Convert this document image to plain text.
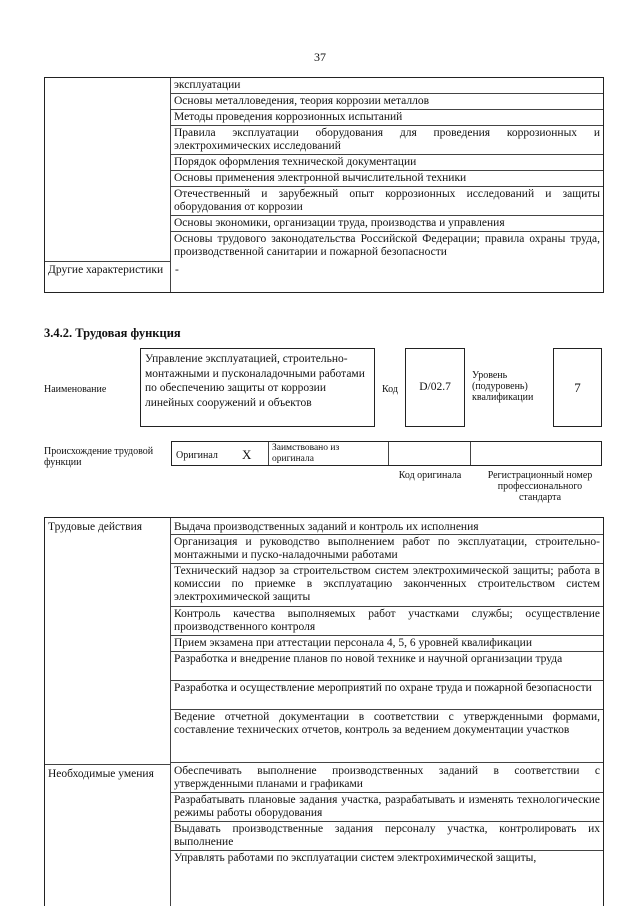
37
эксплуатации
Основы металловедения, теория коррозии металлов
Методы проведения коррозионных испытаний
Правила эксплуатации оборудования для проведения коррозионных и электрохимических исследований
Порядок оформления технической документации
Основы применения электронной вычислительной техники
Отечественный и зарубежный опыт коррозионных исследований и защиты оборудования от коррозии
Основы экономики, организации труда, производства и управления
Основы трудового законодательства Российской Федерации; правила охраны труда, производственной санитарии и пожарной безопасности
Другие характеристики -
3.4.2. Трудовая функция
Наименование
Управление эксплуатацией, строительно-монтажными и пусконаладочными работами по обеспечению защиты от коррозии линейных сооружений и объектов
Код	D/02.7
Уровень (подуровень) квалификации
7
Происхождение трудовой функции
Оригинал X Заимствовано из оригинала
Код оригинала	Регистрационный номер профессионального стандарта
Трудовые действия
Необходимые умения
Выдача производственных заданий и контроль их исполнения
Организация и руководство выполнением работ по эксплуатации, строительно-монтажными и пуско-наладочными работами
Технический надзор за строительством систем электрохимической защиты; работа в комиссии по приемке в эксплуатацию законченных строительством систем электрохимической защиты
Контроль качества выполняемых работ участками службы; осуществление производственного контроля
Прием экзамена при аттестации персонала 4, 5, 6 уровней квалификации
Разработка и внедрение планов по новой технике и научной организации труда
Разработка и осуществление мероприятий по охране труда и пожарной безопасности
Ведение отчетной документации в соответствии с утвержденными формами, составление технических отчетов, контроль за ведением документации участков
Обеспечивать выполнение производственных заданий в соответствии с утвержденными планами и графиками
Разрабатывать плановые задания участка, разрабатывать и изменять технологические режимы работы оборудования
Выдавать производственные задания персоналу участка, контролировать их выполнение
Управлять работами по эксплуатации систем электрохимической защиты,
